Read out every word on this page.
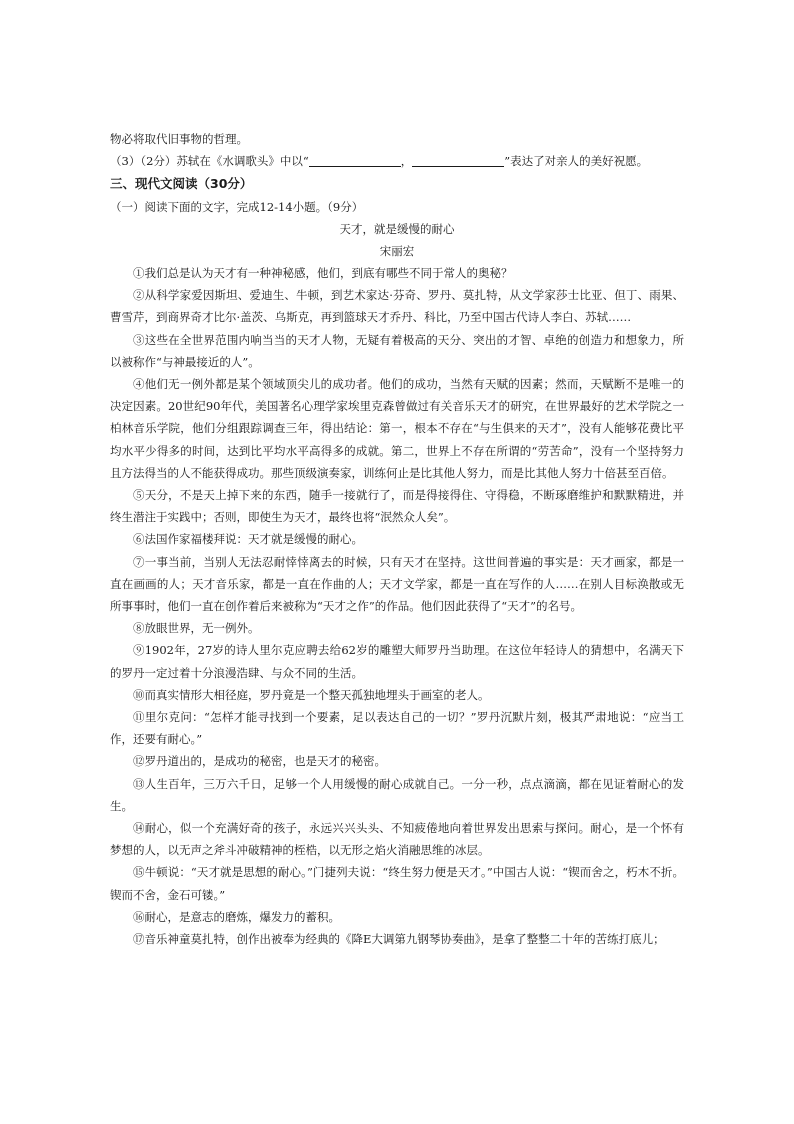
物必将取代旧事物的哲理。
（3）（2分）苏轼在《水调歌头》中以“	，	”表达了对亲人的美好祝愿。
三、现代文阅读（30分）
（一）阅读下面的文字，完成12-14小题。（9分）
天才，就是缓慢的耐心
宋丽宏

①我们总是认为天才有一种神秘感，他们，到底有哪些不同于常人的奥秘？

②从科学家爱因斯坦、爱迪生、牛顿，到艺术家达·芬奇、罗丹、莫扎特，从文学家莎士比亚、但丁、雨果、曹雪芹，到商界奇才比尔·盖茨、乌斯克，再到篮球天才乔丹、科比，乃至中国古代诗人李白、苏轼……

③这些在全世界范围内响当当的天才人物，无疑有着极高的天分、突出的才智、卓绝的创造力和想象力，所以被称作“与神最接近的人”。

④他们无一例外都是某个领域顶尖儿的成功者。他们的成功，当然有天赋的因素；然而，天赋断不是唯一的决定因素。20世纪90年代，美国著名心理学家埃里克森曾做过有关音乐天才的研究，在世界最好的艺术学院之一柏林音乐学院，他们分组跟踪调查三年，得出结论：第一，根本不存在“与生俱来的天才”，没有人能够花费比平均水平少得多的时间，达到比平均水平高得多的成就。第二，世界上不存在所谓的“劳苦命”，没有一个坚持努力且方法得当的人不能获得成功。那些顶级演奏家，训练何止是比其他人努力，而是比其他人努力十倍甚至百倍。

⑤天分，不是天上掉下来的东西，随手一接就行了，而是得接得住、守得稳，不断琢磨维护和默默精进，并终生潜注于实践中；否则，即使生为天才，最终也将“泯然众人矣”。

⑥法国作家福楼拜说：天才就是缓慢的耐心。

⑦一事当前，当别人无法忍耐悻悻离去的时候，只有天才在坚持。这世间普遍的事实是：天才画家，都是一直在画画的人；天才音乐家，都是一直在作曲的人；天才文学家，都是一直在写作的人……在别人目标涣散或无所事事时，他们一直在创作着后来被称为“天才之作”的作品。他们因此获得了“天才”的名号。

⑧放眼世界，无一例外。

⑨1902年，27岁的诗人里尔克应聘去给62岁的雕塑大师罗丹当助理。在这位年轻诗人的猜想中，名满天下的罗丹一定过着十分浪漫浩肆、与众不同的生活。

⑩而真实情形大相径庭，罗丹竟是一个整天孤独地埋头于画室的老人。

⑪里尔克问：“怎样才能寻找到一个要素，足以表达自己的一切？”罗丹沉默片刻，极其严肃地说：“应当工作，还要有耐心。”

⑫罗丹道出的，是成功的秘密，也是天才的秘密。

⑬人生百年，三万六千日，足够一个人用缓慢的耐心成就自己。一分一秒，点点滴滴，都在见证着耐心的发生。

⑭耐心，似一个充满好奇的孩子，永远兴兴头头、不知疲倦地向着世界发出思索与探问。耐心，是一个怀有梦想的人，以无声之斧斗冲破精神的桎梏，以无形之焰火消融思维的冰层。

⑮牛顿说：“天才就是思想的耐心。”门捷列夫说：“终生努力便是天才。”中国古人说：“锲而舍之，朽木不折。锲而不舍，金石可镂。”

⑯耐心，是意志的磨炼，爆发力的蓄积。

⑰音乐神童莫扎特，创作出被奉为经典的《降E大调第九钢琴协奏曲》，是拿了整整二十年的苦练打底儿；
